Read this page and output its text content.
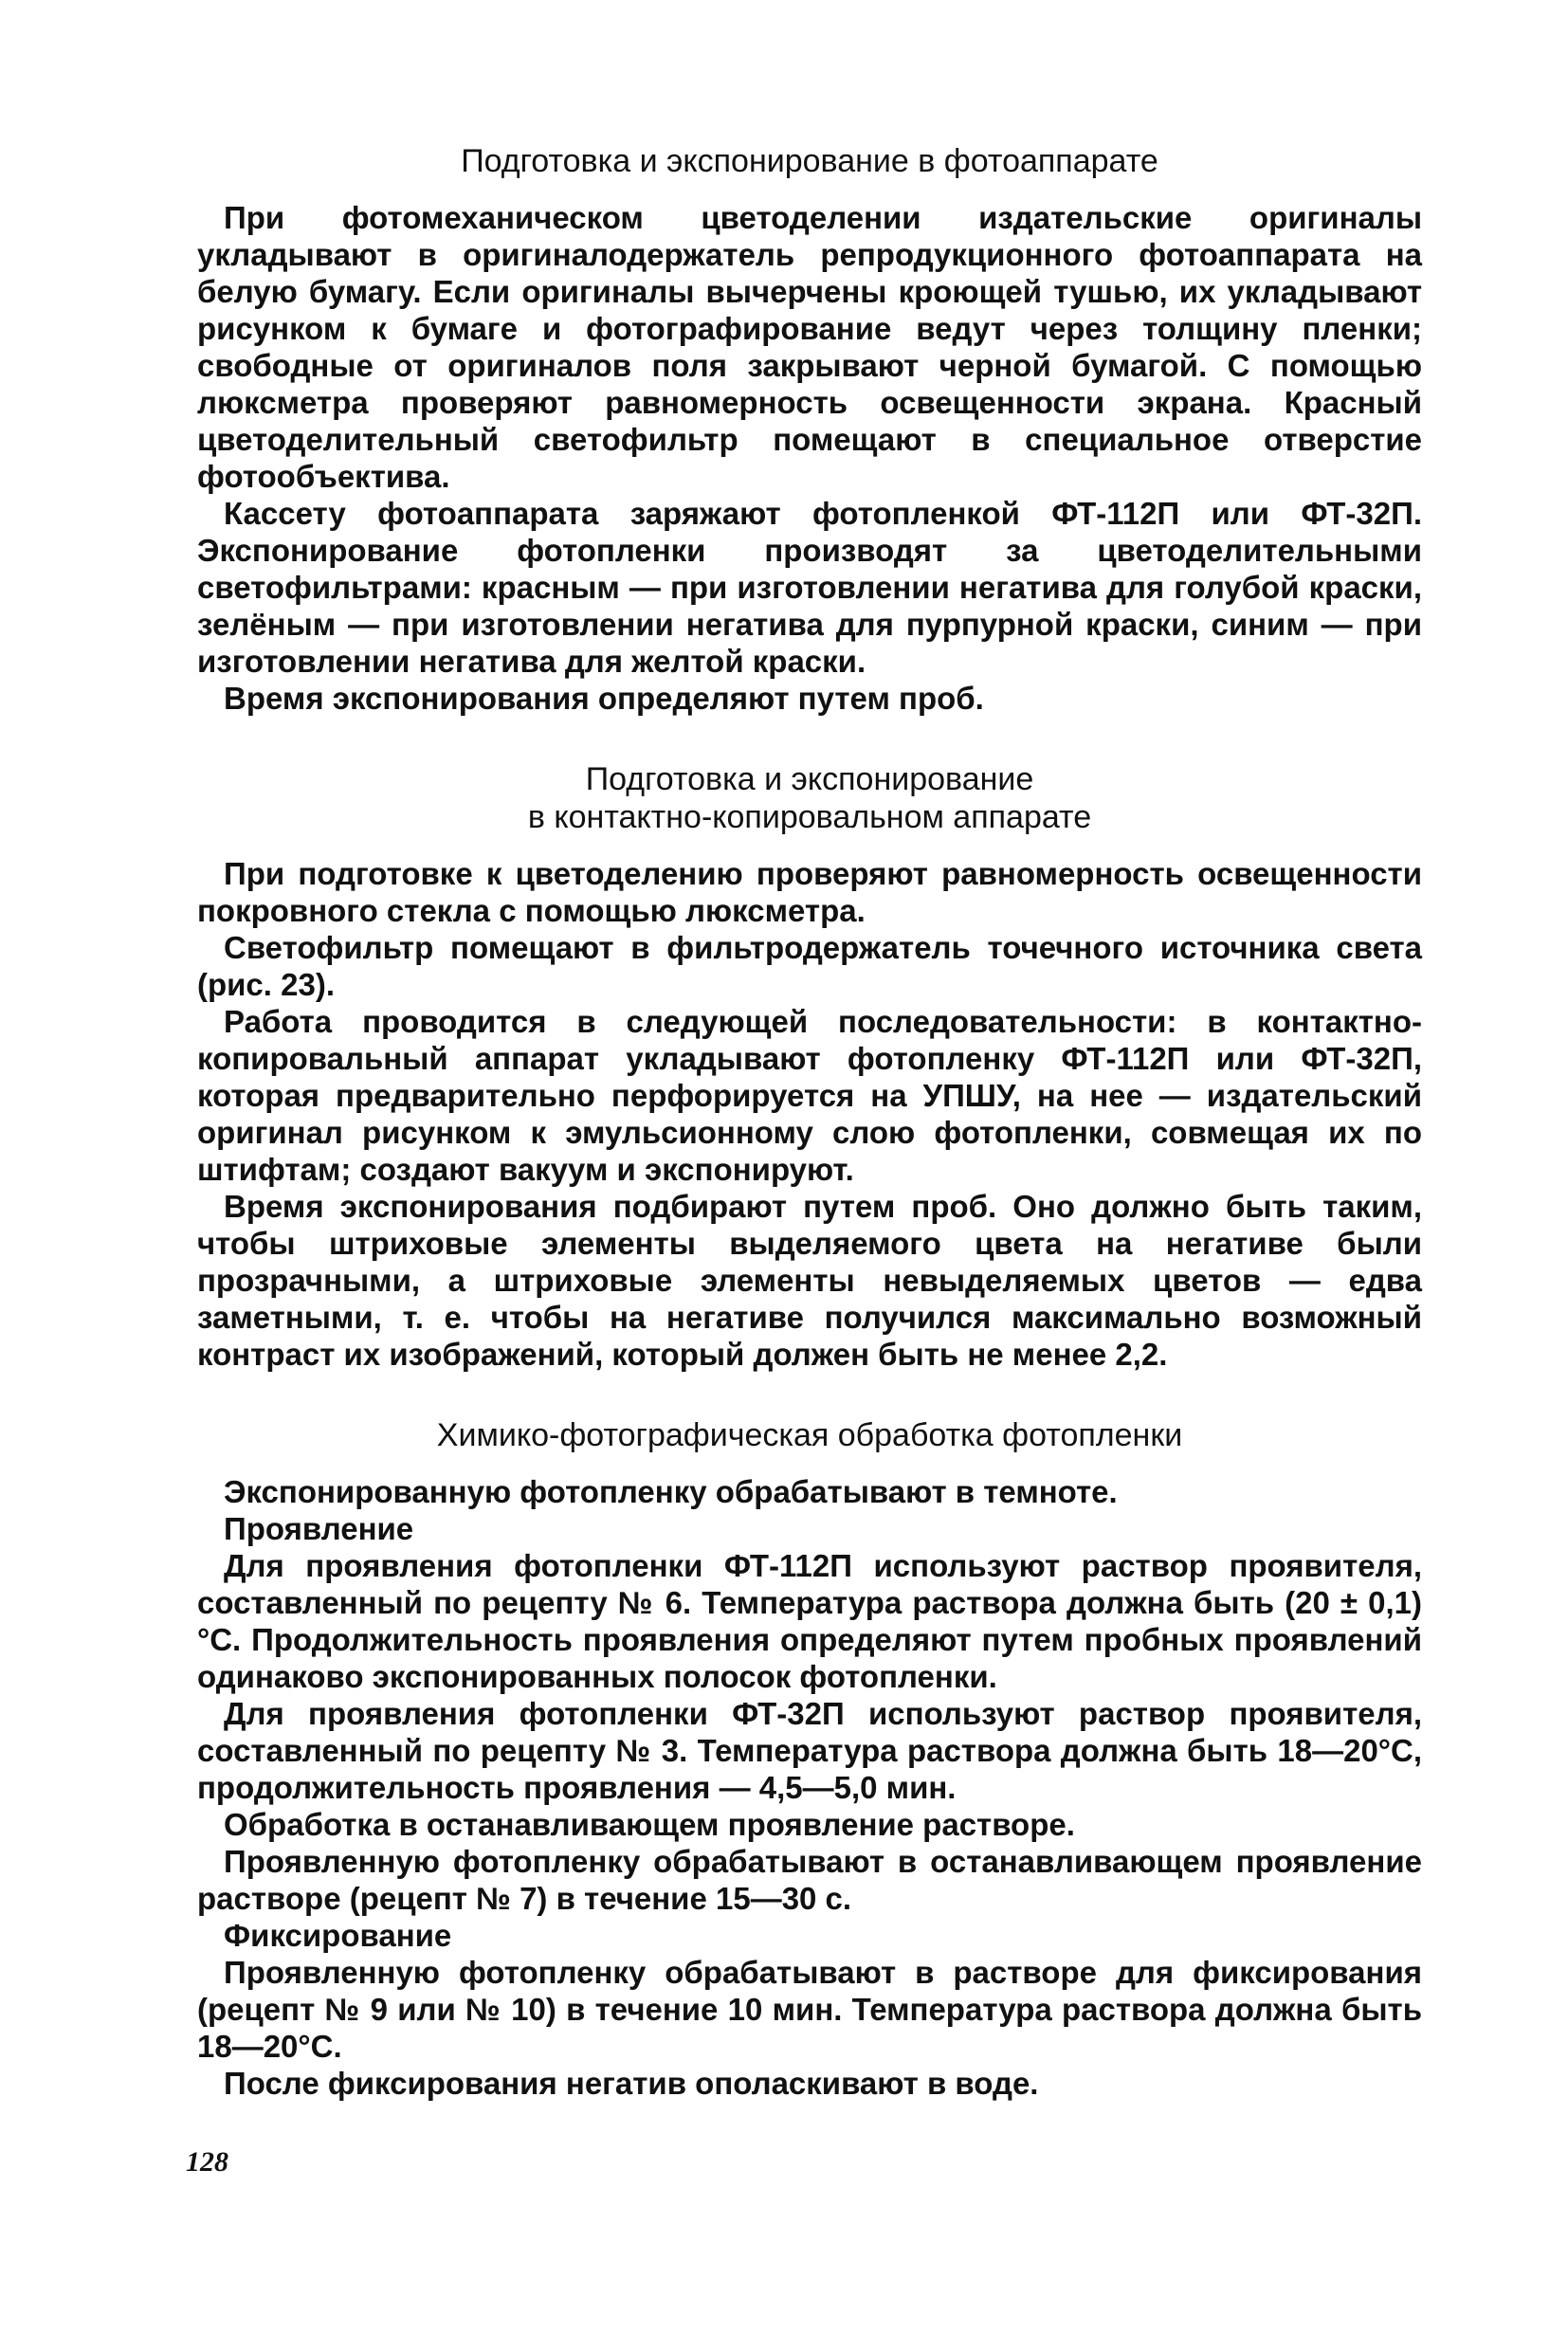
Подготовка и экспонирование в фотоаппарате

При фотомеханическом цветоделении издательские оригиналы укладывают в оригиналодержатель репродукционного фотоаппарата на белую бумагу. Если оригиналы вычерчены кроющей тушью, их укладывают рисунком к бумаге и фотографирование ведут через толщину пленки; свободные от оригиналов поля закрывают черной бумагой. С помощью люксметра проверяют равномерность освещенности экрана. Красный цветоделительный светофильтр помещают в специальное отверстие фотообъектива.

Кассету фотоаппарата заряжают фотопленкой ФТ-112П или ФТ-32П. Экспонирование фотопленки производят за цветоделительными светофильтрами: красным — при изготовлении негатива для голубой краски, зелёным — при изготовлении негатива для пурпурной краски, синим — при изготовлении негатива для желтой краски.

Время экспонирования определяют путем проб.

Подготовка и экспонирование
в контактно-копировальном аппарате

При подготовке к цветоделению проверяют равномерность освещенности покровного стекла с помощью люксметра.

Светофильтр помещают в фильтродержатель точечного источника света (рис. 23).

Работа проводится в следующей последовательности: в контактно-копировальный аппарат укладывают фотопленку ФТ-112П или ФТ-32П, которая предварительно перфорируется на УПШУ, на нее — издательский оригинал рисунком к эмульсионному слою фотопленки, совмещая их по штифтам; создают вакуум и экспонируют.

Время экспонирования подбирают путем проб. Оно должно быть таким, чтобы штриховые элементы выделяемого цвета на негативе были прозрачными, а штриховые элементы невыделяемых цветов — едва заметными, т. е. чтобы на негативе получился максимально возможный контраст их изображений, который должен быть не менее 2,2.

Химико-фотографическая обработка фотопленки

Экспонированную фотопленку обрабатывают в темноте.

Проявление

Для проявления фотопленки ФТ-112П используют раствор проявителя, составленный по рецепту № 6. Температура раствора должна быть (20 ± 0,1) °С. Продолжительность проявления определяют путем пробных проявлений одинаково экспонированных полосок фотопленки.

Для проявления фотопленки ФТ-32П используют раствор проявителя, составленный по рецепту № 3. Температура раствора должна быть 18—20°С, продолжительность проявления — 4,5—5,0 мин.

Обработка в останавливающем проявление растворе.

Проявленную фотопленку обрабатывают в останавливающем проявление растворе (рецепт № 7) в течение 15—30 с.

Фиксирование

Проявленную фотопленку обрабатывают в растворе для фиксирования (рецепт № 9 или № 10) в течение 10 мин. Температура раствора должна быть 18—20°С.

После фиксирования негатив ополаскивают в воде.

128
